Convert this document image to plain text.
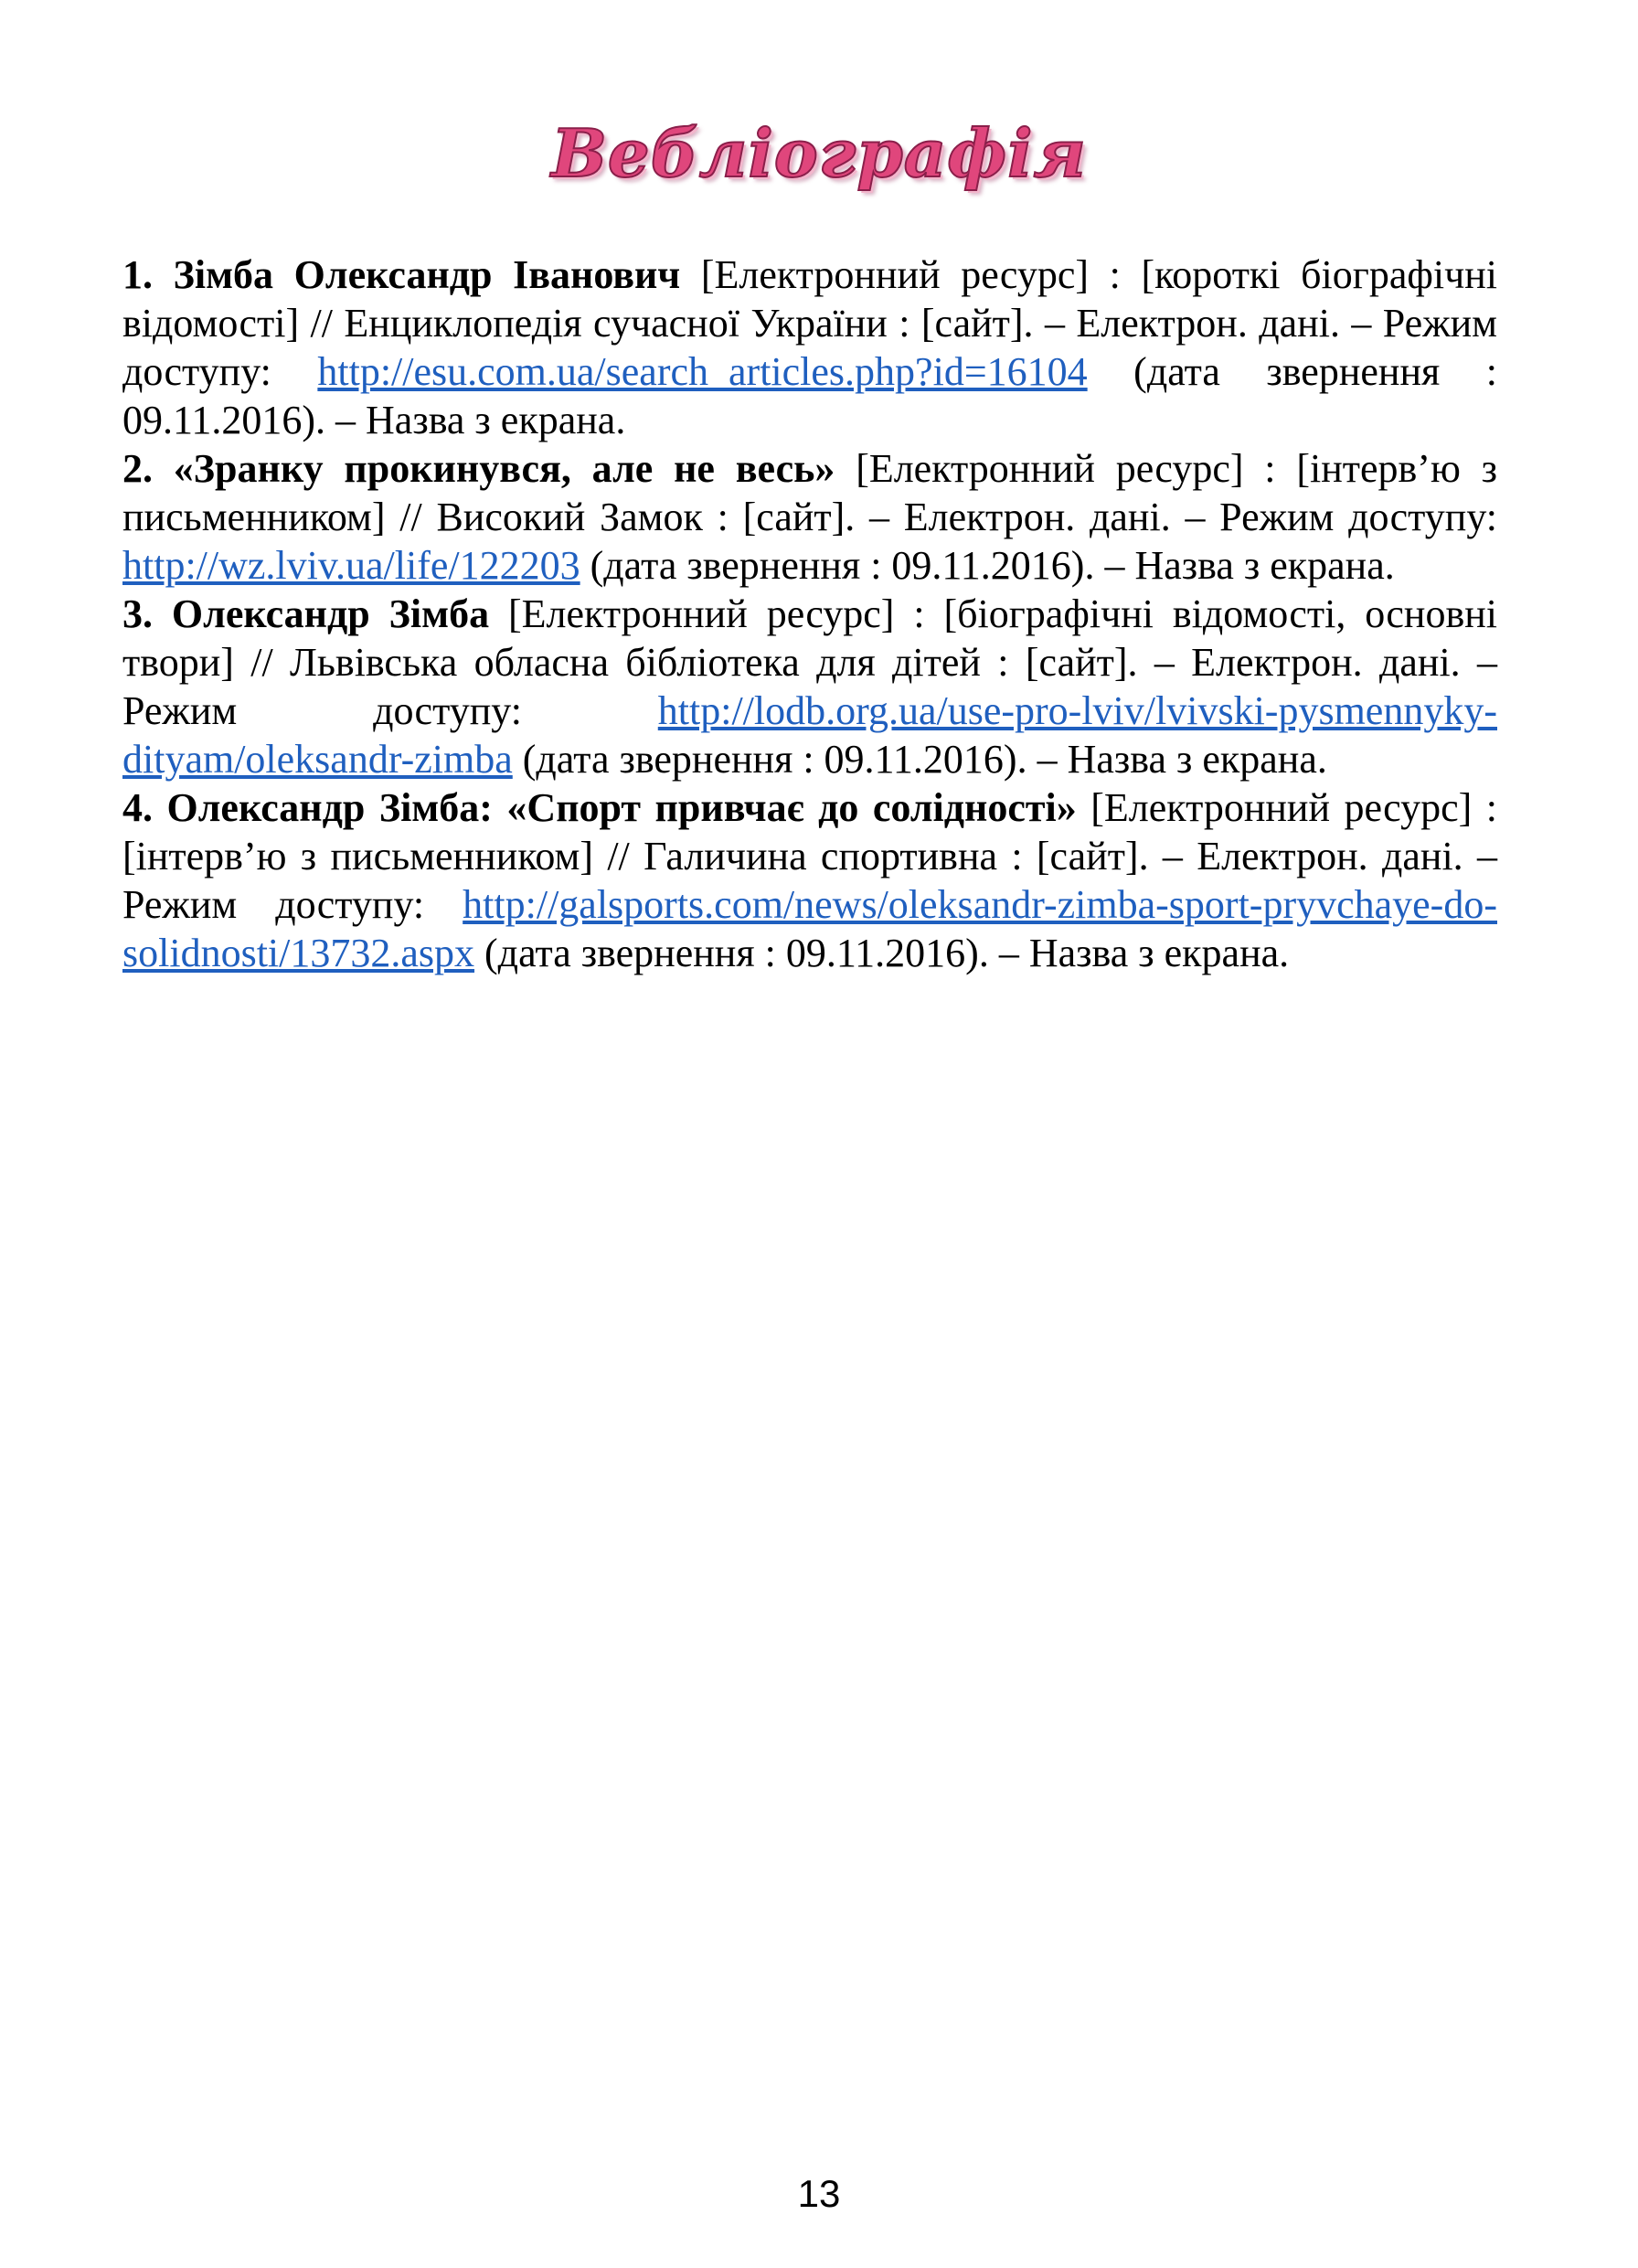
Вебліографія

1. Зімба Олександр Іванович [Електронний ресурс] : [короткі біографічні відомості] // Енциклопедія сучасної України : [сайт]. – Електрон. дані. – Режим доступу: http://esu.com.ua/search_articles.php?id=16104 (дата звернення : 09.11.2016). – Назва з екрана.

2. «Зранку прокинувся, але не весь» [Електронний ресурс] : [інтерв’ю з письменником] // Високий Замок : [сайт]. – Електрон. дані. – Режим доступу: http://wz.lviv.ua/life/122203 (дата звернення : 09.11.2016). – Назва з екрана.

3. Олександр Зімба [Електронний ресурс] : [біографічні відомості, основні твори] // Львівська обласна бібліотека для дітей : [сайт]. – Електрон. дані. – Режим доступу: http://lodb.org.ua/use-pro-lviv/lvivski-pysmennyky-dityam/oleksandr-zimba (дата звернення : 09.11.2016). – Назва з екрана.

4. Олександр Зімба: «Спорт привчає до солідності» [Електронний ресурс] : [інтерв’ю з письменником] // Галичина спортивна : [сайт]. – Електрон. дані. – Режим доступу: http://galsports.com/news/oleksandr-zimba-sport-pryvchaye-do-solidnosti/13732.aspx (дата звернення : 09.11.2016). – Назва з екрана.

13
